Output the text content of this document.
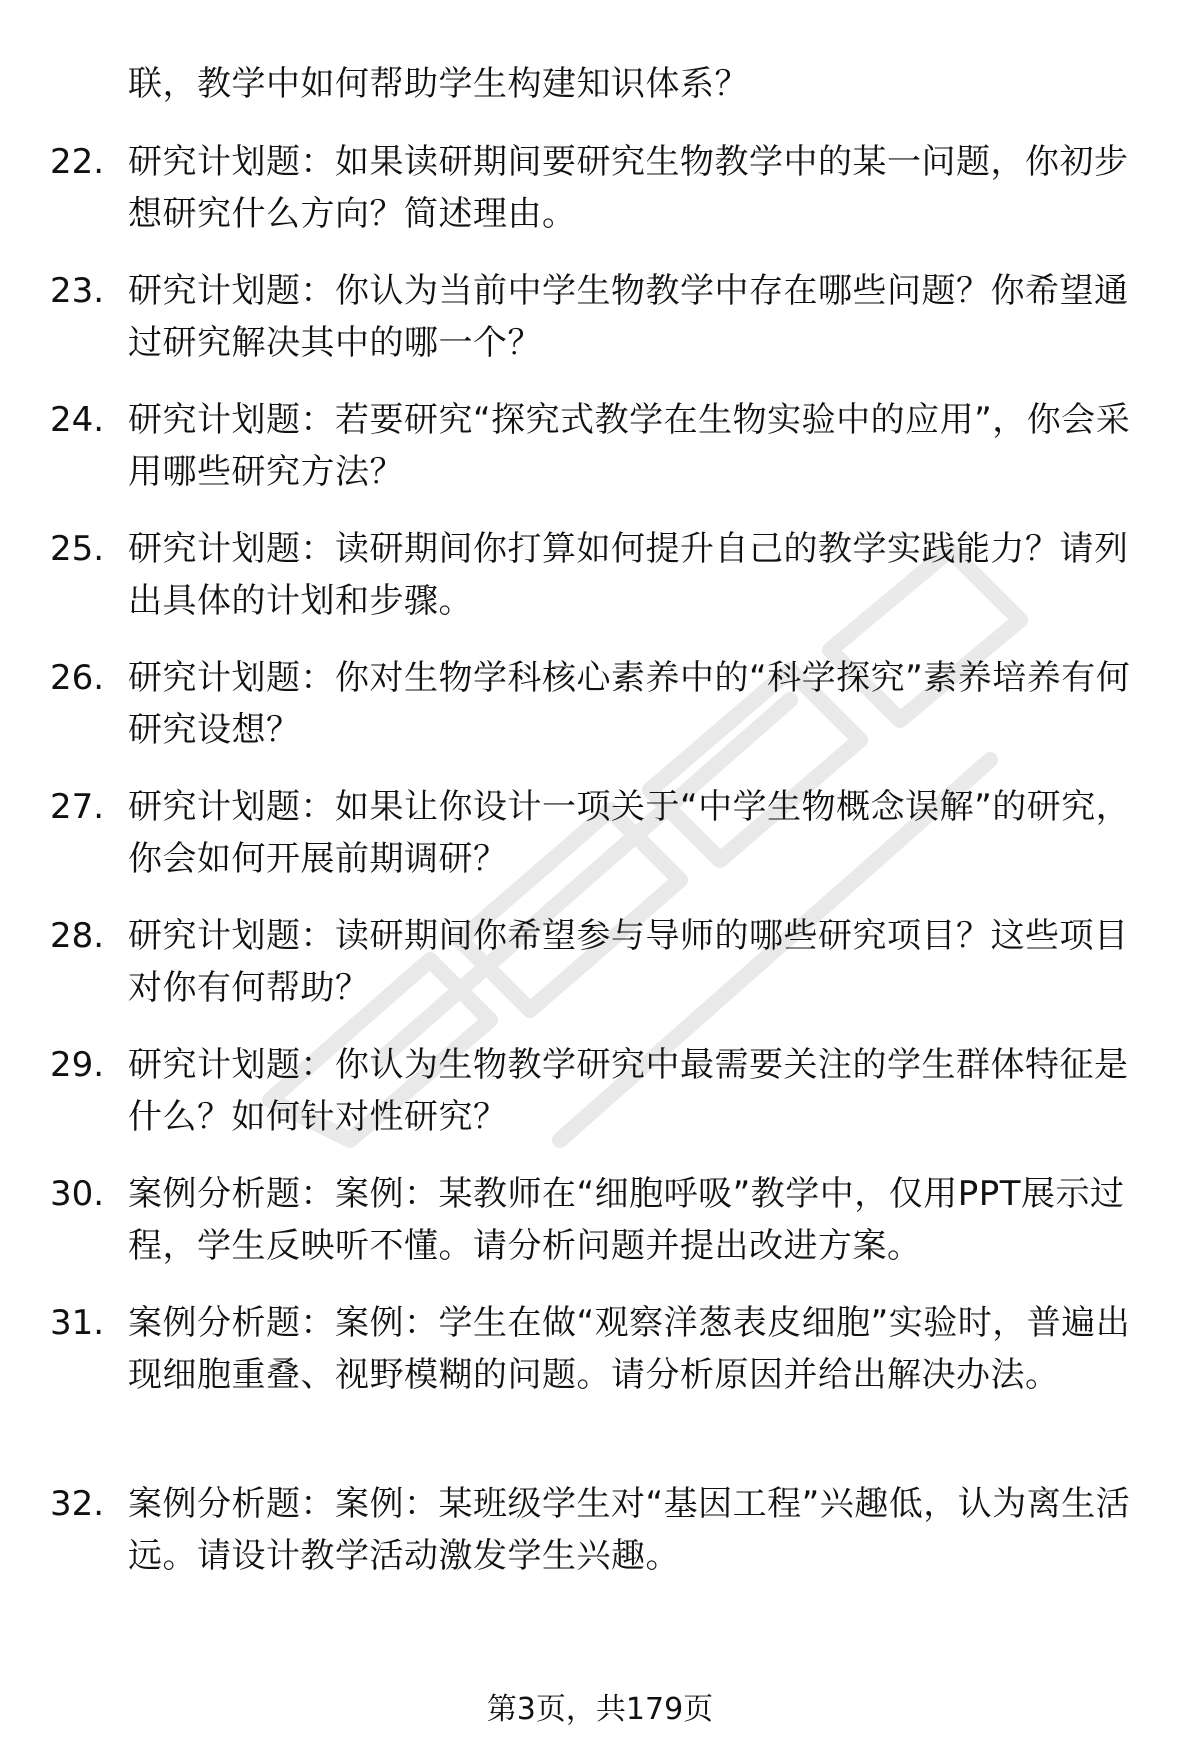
联，教学中如何帮助学生构建知识体系？
22. 研究计划题：如果读研期间要研究生物教学中的某一问题，你初步想研究什么方向？简述理由。
23. 研究计划题：你认为当前中学生物教学中存在哪些问题？你希望通过研究解决其中的哪一个？
24. 研究计划题：若要研究“探究式教学在生物实验中的应用”，你会采用哪些研究方法？
25. 研究计划题：读研期间你打算如何提升自己的教学实践能力？请列出具体的计划和步骤。
26. 研究计划题：你对生物学科核心素养中的“科学探究”素养培养有何研究设想？
27. 研究计划题：如果让你设计一项关于“中学生物概念误解”的研究，你会如何开展前期调研？
28. 研究计划题：读研期间你希望参与导师的哪些研究项目？这些项目对你有何帮助？
29. 研究计划题：你认为生物教学研究中最需要关注的学生群体特征是什么？如何针对性研究？
30. 案例分析题：案例：某教师在“细胞呼吸”教学中，仅用PPT展示过程，学生反映听不懂。请分析问题并提出改进方案。
31. 案例分析题：案例：学生在做“观察洋葱表皮细胞”实验时，普遍出现细胞重叠、视野模糊的问题。请分析原因并给出解决办法。
32. 案例分析题：案例：某班级学生对“基因工程”兴趣低，认为离生活远。请设计教学活动激发学生兴趣。
第3页，共179页
